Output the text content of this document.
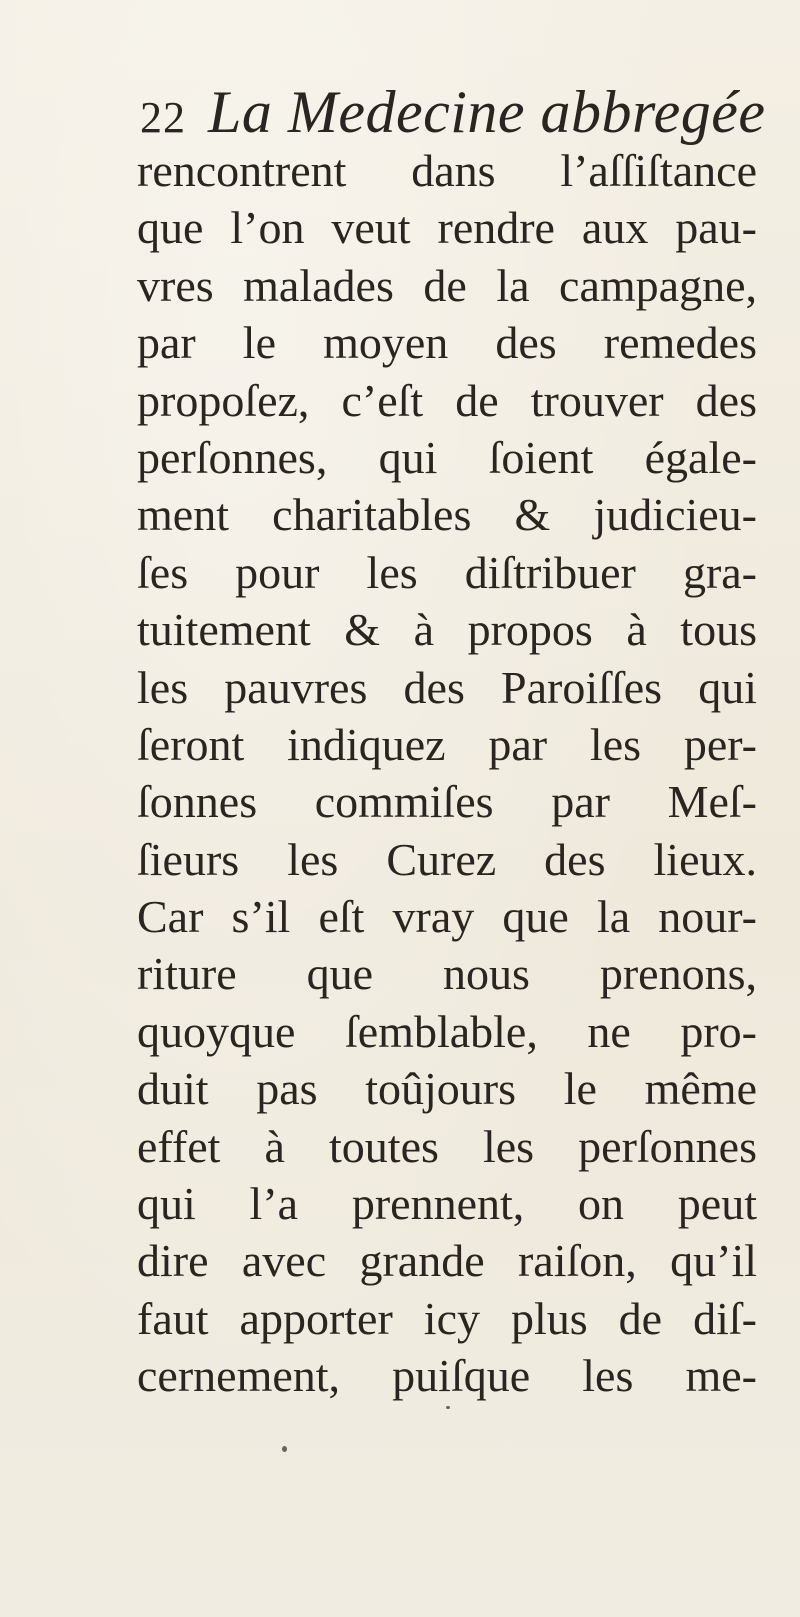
22 La Medecine abbregée
rencontrent dans l’aſſiſtance
que l’on veut rendre aux pau-
vres malades de la campagne,
par le moyen des remedes
propoſez, c’eſt de trouver des
perſonnes, qui ſoient égale-
ment charitables & judicieu-
ſes pour les diſtribuer gra-
tuitement & à propos à tous
les pauvres des Paroiſſes qui
ſeront indiquez par les per-
ſonnes commiſes par Meſ-
ſieurs les Curez des lieux.
Car s’il eſt vray que la nour-
riture que nous prenons,
quoyque ſemblable, ne pro-
duit pas toûjours le même
effet à toutes les perſonnes
qui l’a prennent, on peut
dire avec grande raiſon, qu’il
faut apporter icy plus de diſ-
cernement, puiſque les me-
